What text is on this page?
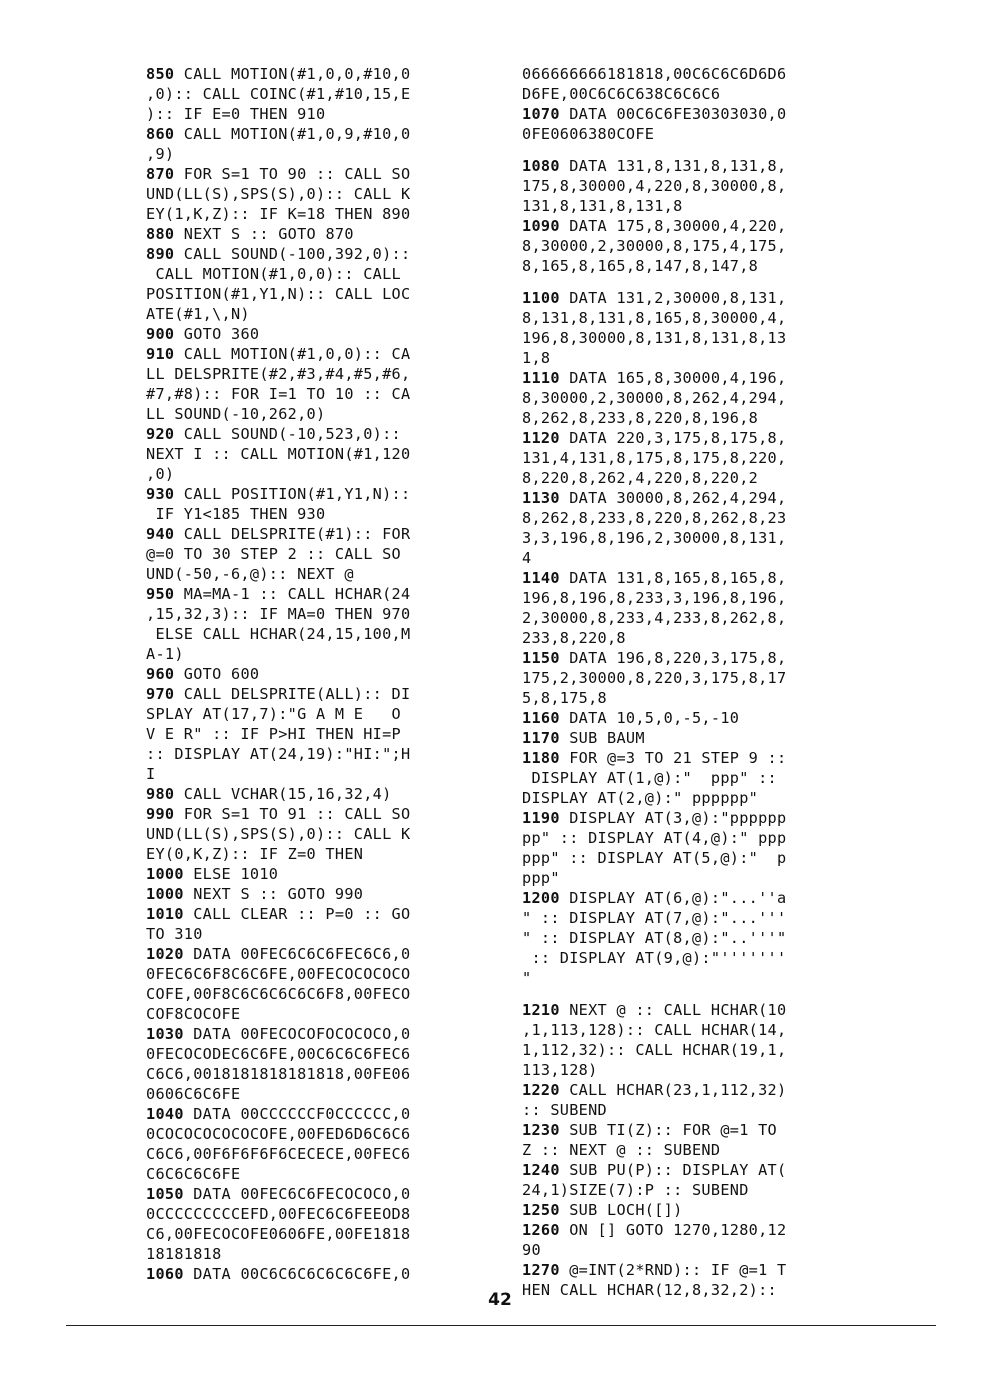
850 CALL MOTION(#1,0,0,#10,0
,0):: CALL COINC(#1,#10,15,E
):: IF E=0 THEN 910
860 CALL MOTION(#1,0,9,#10,0
,9)
870 FOR S=1 TO 90 :: CALL SO
UND(LL(S),SPS(S),0):: CALL K
EY(1,K,Z):: IF K=18 THEN 890
880 NEXT S :: GOTO 870
890 CALL SOUND(-100,392,0)::
CALL MOTION(#1,0,0):: CALL
POSITION(#1,Y1,N):: CALL LOC
ATE(#1,\,N)
900 GOTO 360
910 CALL MOTION(#1,0,0):: CA
LL DELSPRITE(#2,#3,#4,#5,#6,
#7,#8):: FOR I=1 TO 10 :: CA
LL SOUND(-10,262,0)
920 CALL SOUND(-10,523,0)::
NEXT I :: CALL MOTION(#1,120
,0)
930 CALL POSITION(#1,Y1,N)::
IF Y1<185 THEN 930
940 CALL DELSPRITE(#1):: FOR
@=0 TO 30 STEP 2 :: CALL SO
UND(-50,-6,@):: NEXT @
950 MA=MA-1 :: CALL HCHAR(24
,15,32,3):: IF MA=0 THEN 970
ELSE CALL HCHAR(24,15,100,M
A-1)
960 GOTO 600
970 CALL DELSPRITE(ALL):: DI
SPLAY AT(17,7):"G A M E   O
V E R" :: IF P>HI THEN HI=P
:: DISPLAY AT(24,19):"HI:";H
I
980 CALL VCHAR(15,16,32,4)
990 FOR S=1 TO 91 :: CALL SO
UND(LL(S),SPS(S),0):: CALL K
EY(0,K,Z):: IF Z=0 THEN
1000 ELSE 1010
1000 NEXT S :: GOTO 990
1010 CALL CLEAR :: P=0 :: GO
TO 310
1020 DATA 00FEC6C6C6FEC6C6,0
0FEC6C6F8C6C6FE,00FECOCOCOCO
COFE,00F8C6C6C6C6C6F8,00FECO
COF8COCOFE
1030 DATA 00FECOCOFOCOCOCO,0
0FECOCODEC6C6FE,00C6C6C6FEC6
C6C6,0018181818181818,00FE06
0606C6C6FE
1040 DATA 00CCCCCCF0CCCCCC,0
0COCOCOCOCOCOFE,00FED6D6C6C6
C6C6,00F6F6F6F6CECECE,00FEC6
C6C6C6C6FE
1050 DATA 00FEC6C6FECOCOCO,0
0CCCCCCCCCEFD,00FEC6C6FEEOD8
C6,00FECOCOFE0606FE,00FE1818
18181818
1060 DATA 00C6C6C6C6C6C6FE,0
066666666181818,00C6C6C6D6D6
D6FE,00C6C6C638C6C6C6
1070 DATA 00C6C6FE30303030,0
0FE0606380COFE
1080 DATA 131,8,131,8,131,8,
175,8,30000,4,220,8,30000,8,
131,8,131,8,131,8
1090 DATA 175,8,30000,4,220,
8,30000,2,30000,8,175,4,175,
8,165,8,165,8,147,8,147,8
1100 DATA 131,2,30000,8,131,
8,131,8,131,8,165,8,30000,4,
196,8,30000,8,131,8,131,8,13
1,8
1110 DATA 165,8,30000,4,196,
8,30000,2,30000,8,262,4,294,
8,262,8,233,8,220,8,196,8
1120 DATA 220,3,175,8,175,8,
131,4,131,8,175,8,175,8,220,
8,220,8,262,4,220,8,220,2
1130 DATA 30000,8,262,4,294,
8,262,8,233,8,220,8,262,8,23
3,3,196,8,196,2,30000,8,131,
4
1140 DATA 131,8,165,8,165,8,
196,8,196,8,233,3,196,8,196,
2,30000,8,233,4,233,8,262,8,
233,8,220,8
1150 DATA 196,8,220,3,175,8,
175,2,30000,8,220,3,175,8,17
5,8,175,8
1160 DATA 10,5,0,-5,-10
1170 SUB BAUM
1180 FOR @=3 TO 21 STEP 9 ::
DISPLAY AT(1,@):"  ppp" ::
DISPLAY AT(2,@):" pppppp"
1190 DISPLAY AT(3,@):"pppppp
pp" :: DISPLAY AT(4,@):" ppp
ppp" :: DISPLAY AT(5,@):"  p
ppp"
1200 DISPLAY AT(6,@):"...''a
" :: DISPLAY AT(7,@):"...'''
" :: DISPLAY AT(8,@):"..'''"
:: DISPLAY AT(9,@):"'''''''
"
1210 NEXT @ :: CALL HCHAR(10
,1,113,128):: CALL HCHAR(14,
1,112,32):: CALL HCHAR(19,1,
113,128)
1220 CALL HCHAR(23,1,112,32)
:: SUBEND
1230 SUB TI(Z):: FOR @=1 TO
Z :: NEXT @ :: SUBEND
1240 SUB PU(P):: DISPLAY AT(
24,1)SIZE(7):P :: SUBEND
1250 SUB LOCH([])
1260 ON [] GOTO 1270,1280,12
90
1270 @=INT(2*RND):: IF @=1 T
HEN CALL HCHAR(12,8,32,2)::
42
